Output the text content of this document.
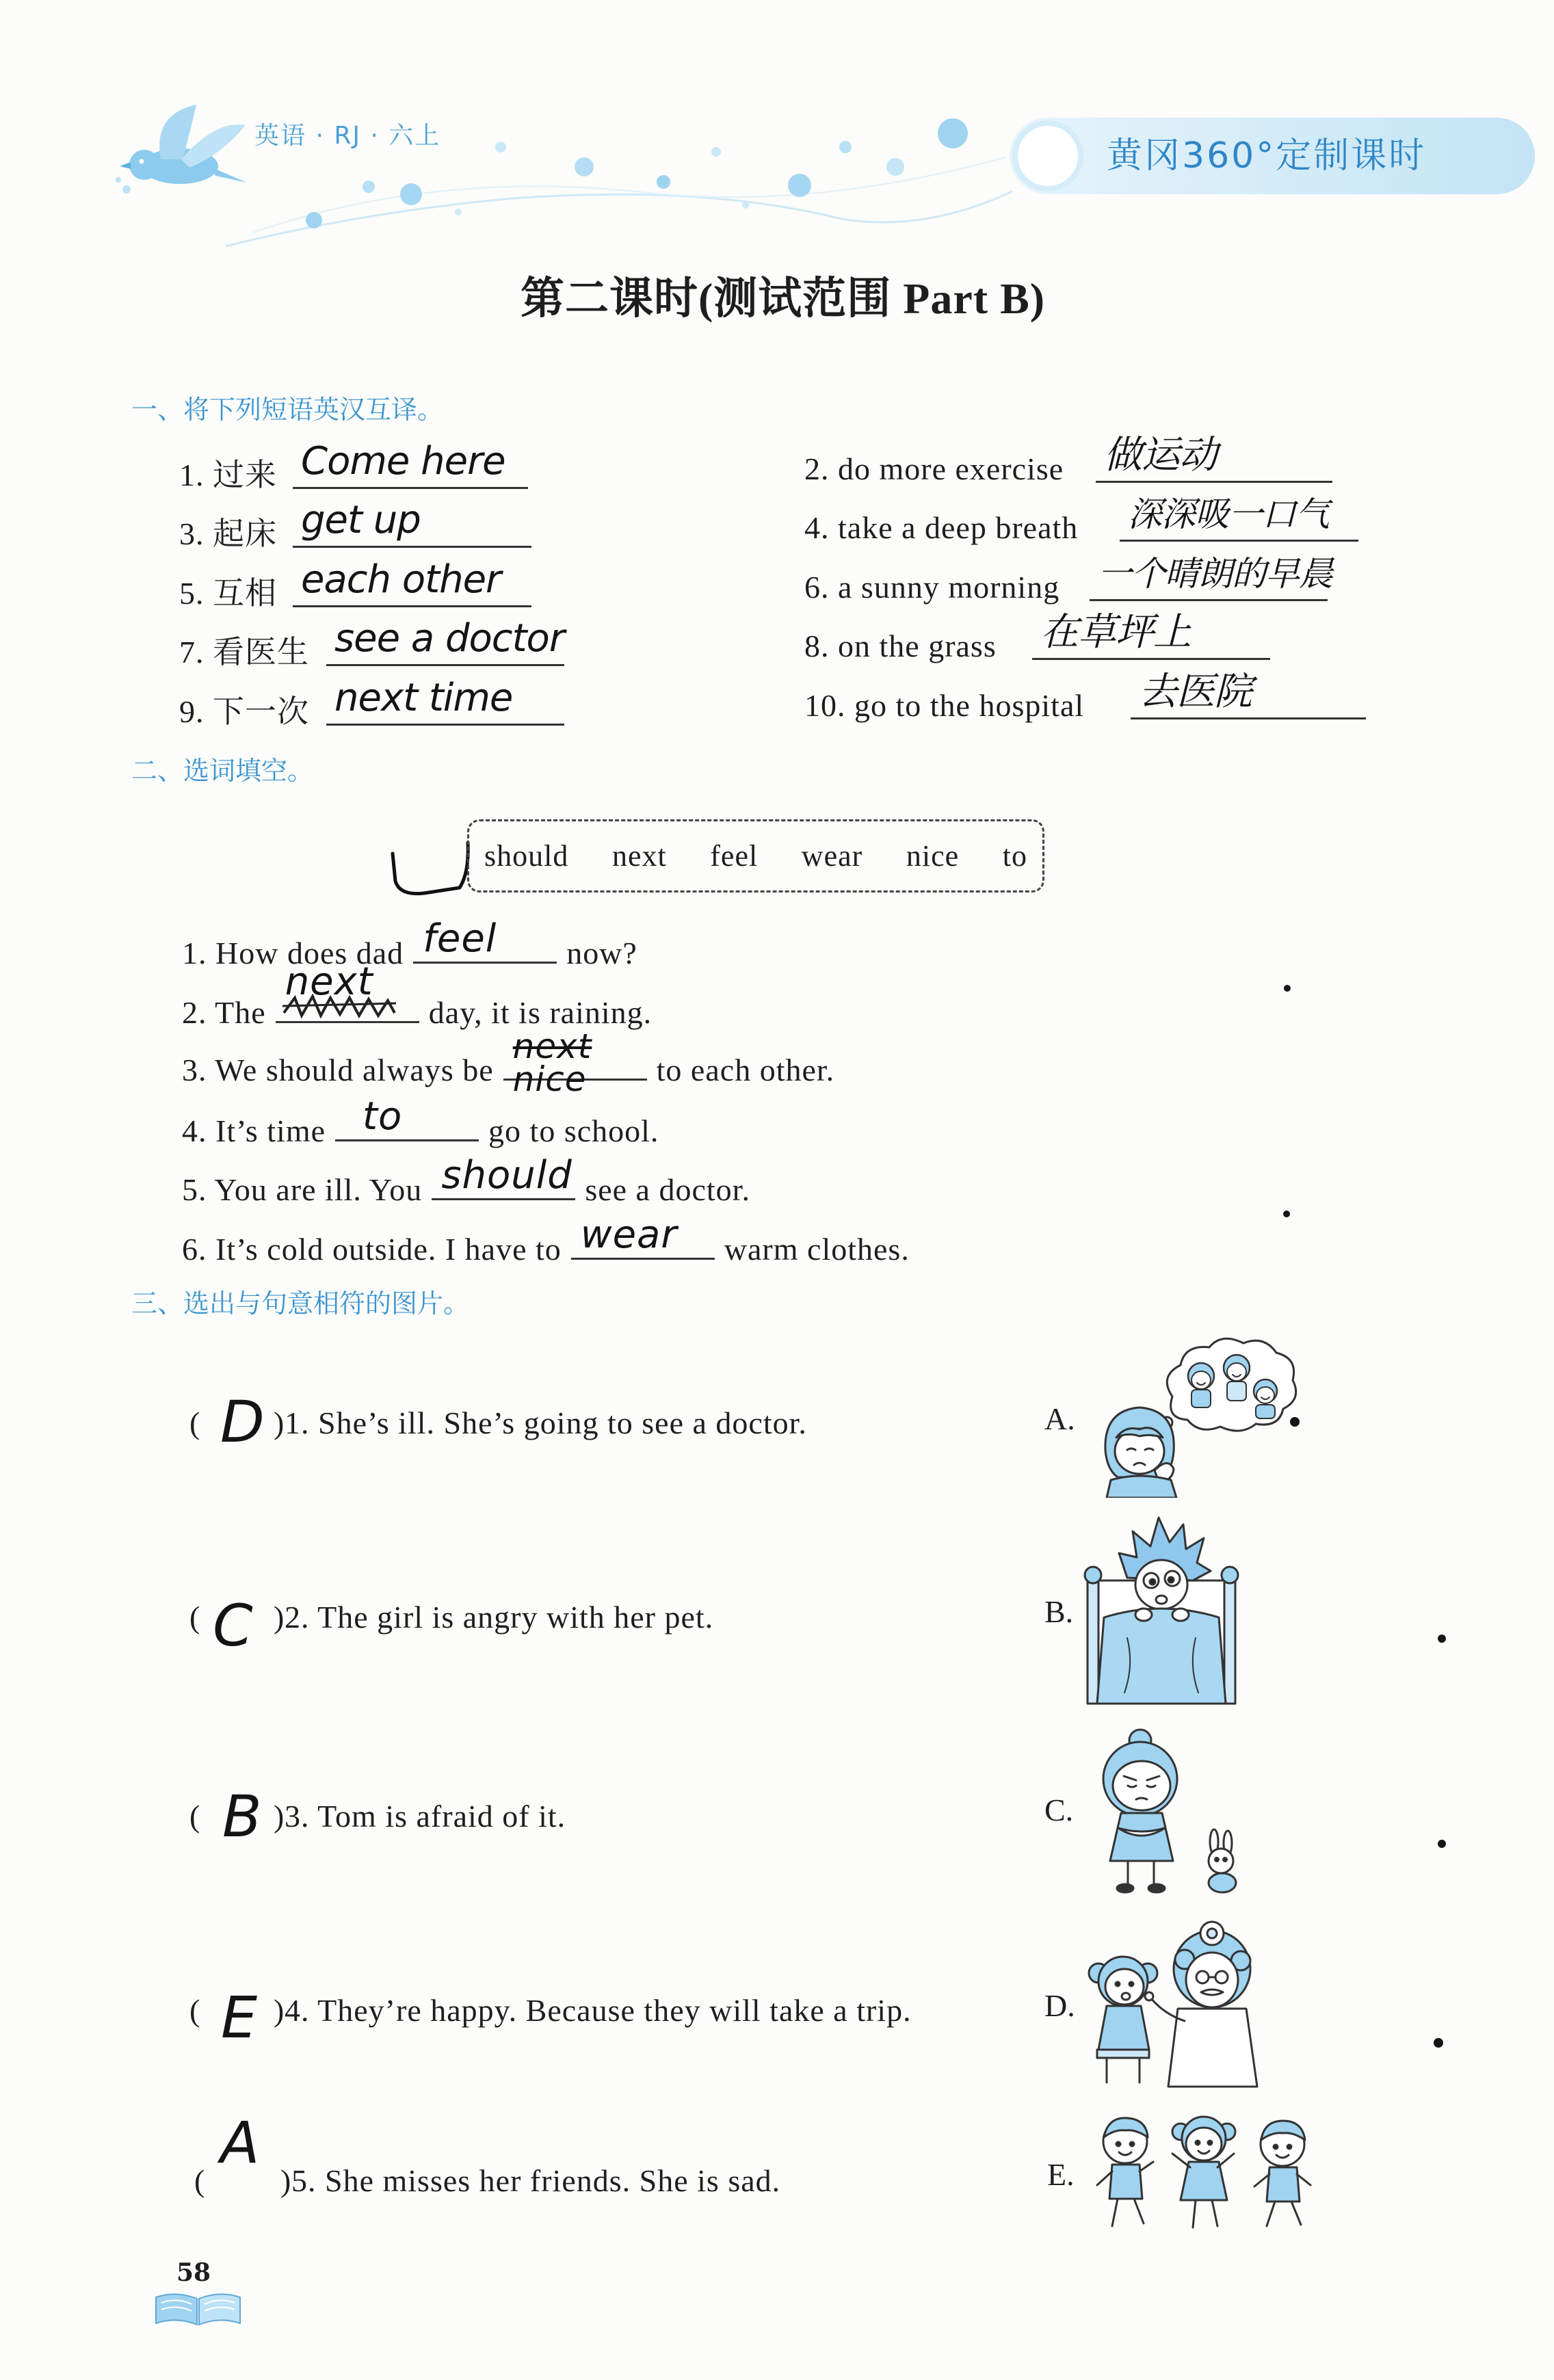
英语 · RJ · 六上	黄冈360°定制课时
第二课时(测试范围 Part B)
一、将下列短语英汉互译。
1. 过来 Come here
3. 起床 get up
5. 互相 each other
7. 看医生 see a doctor
9. 下一次 next time
2. do more exercise 做运动
4. take a deep breath 深深吸一口气
6. a sunny morning 一个晴朗的早晨
8. on the grass 在草坪上
10. go to the hospital 去医院
二、选词填空。
should next feel wear nice to
1. How does dad feel now?
2. The
next
day, it is raining.
3. We should always be
next
nice to each other.
4. It’s time to	go to school.
5. You are ill. You should see a doctor.
6. It’s cold outside. I have to wear warm clothes.
三、选出与句意相符的图片。
( D ) 1. She’s ill. She’s going to see a doctor.
( C ) 2. The girl is angry with her pet.
( B ) 3. Tom is afraid of it.
( E ) 4. They’re happy. Because they will take a trip.
(
A
) 5. She misses her friends. She is sad.
A.
B.
C.
D.
E.
58
